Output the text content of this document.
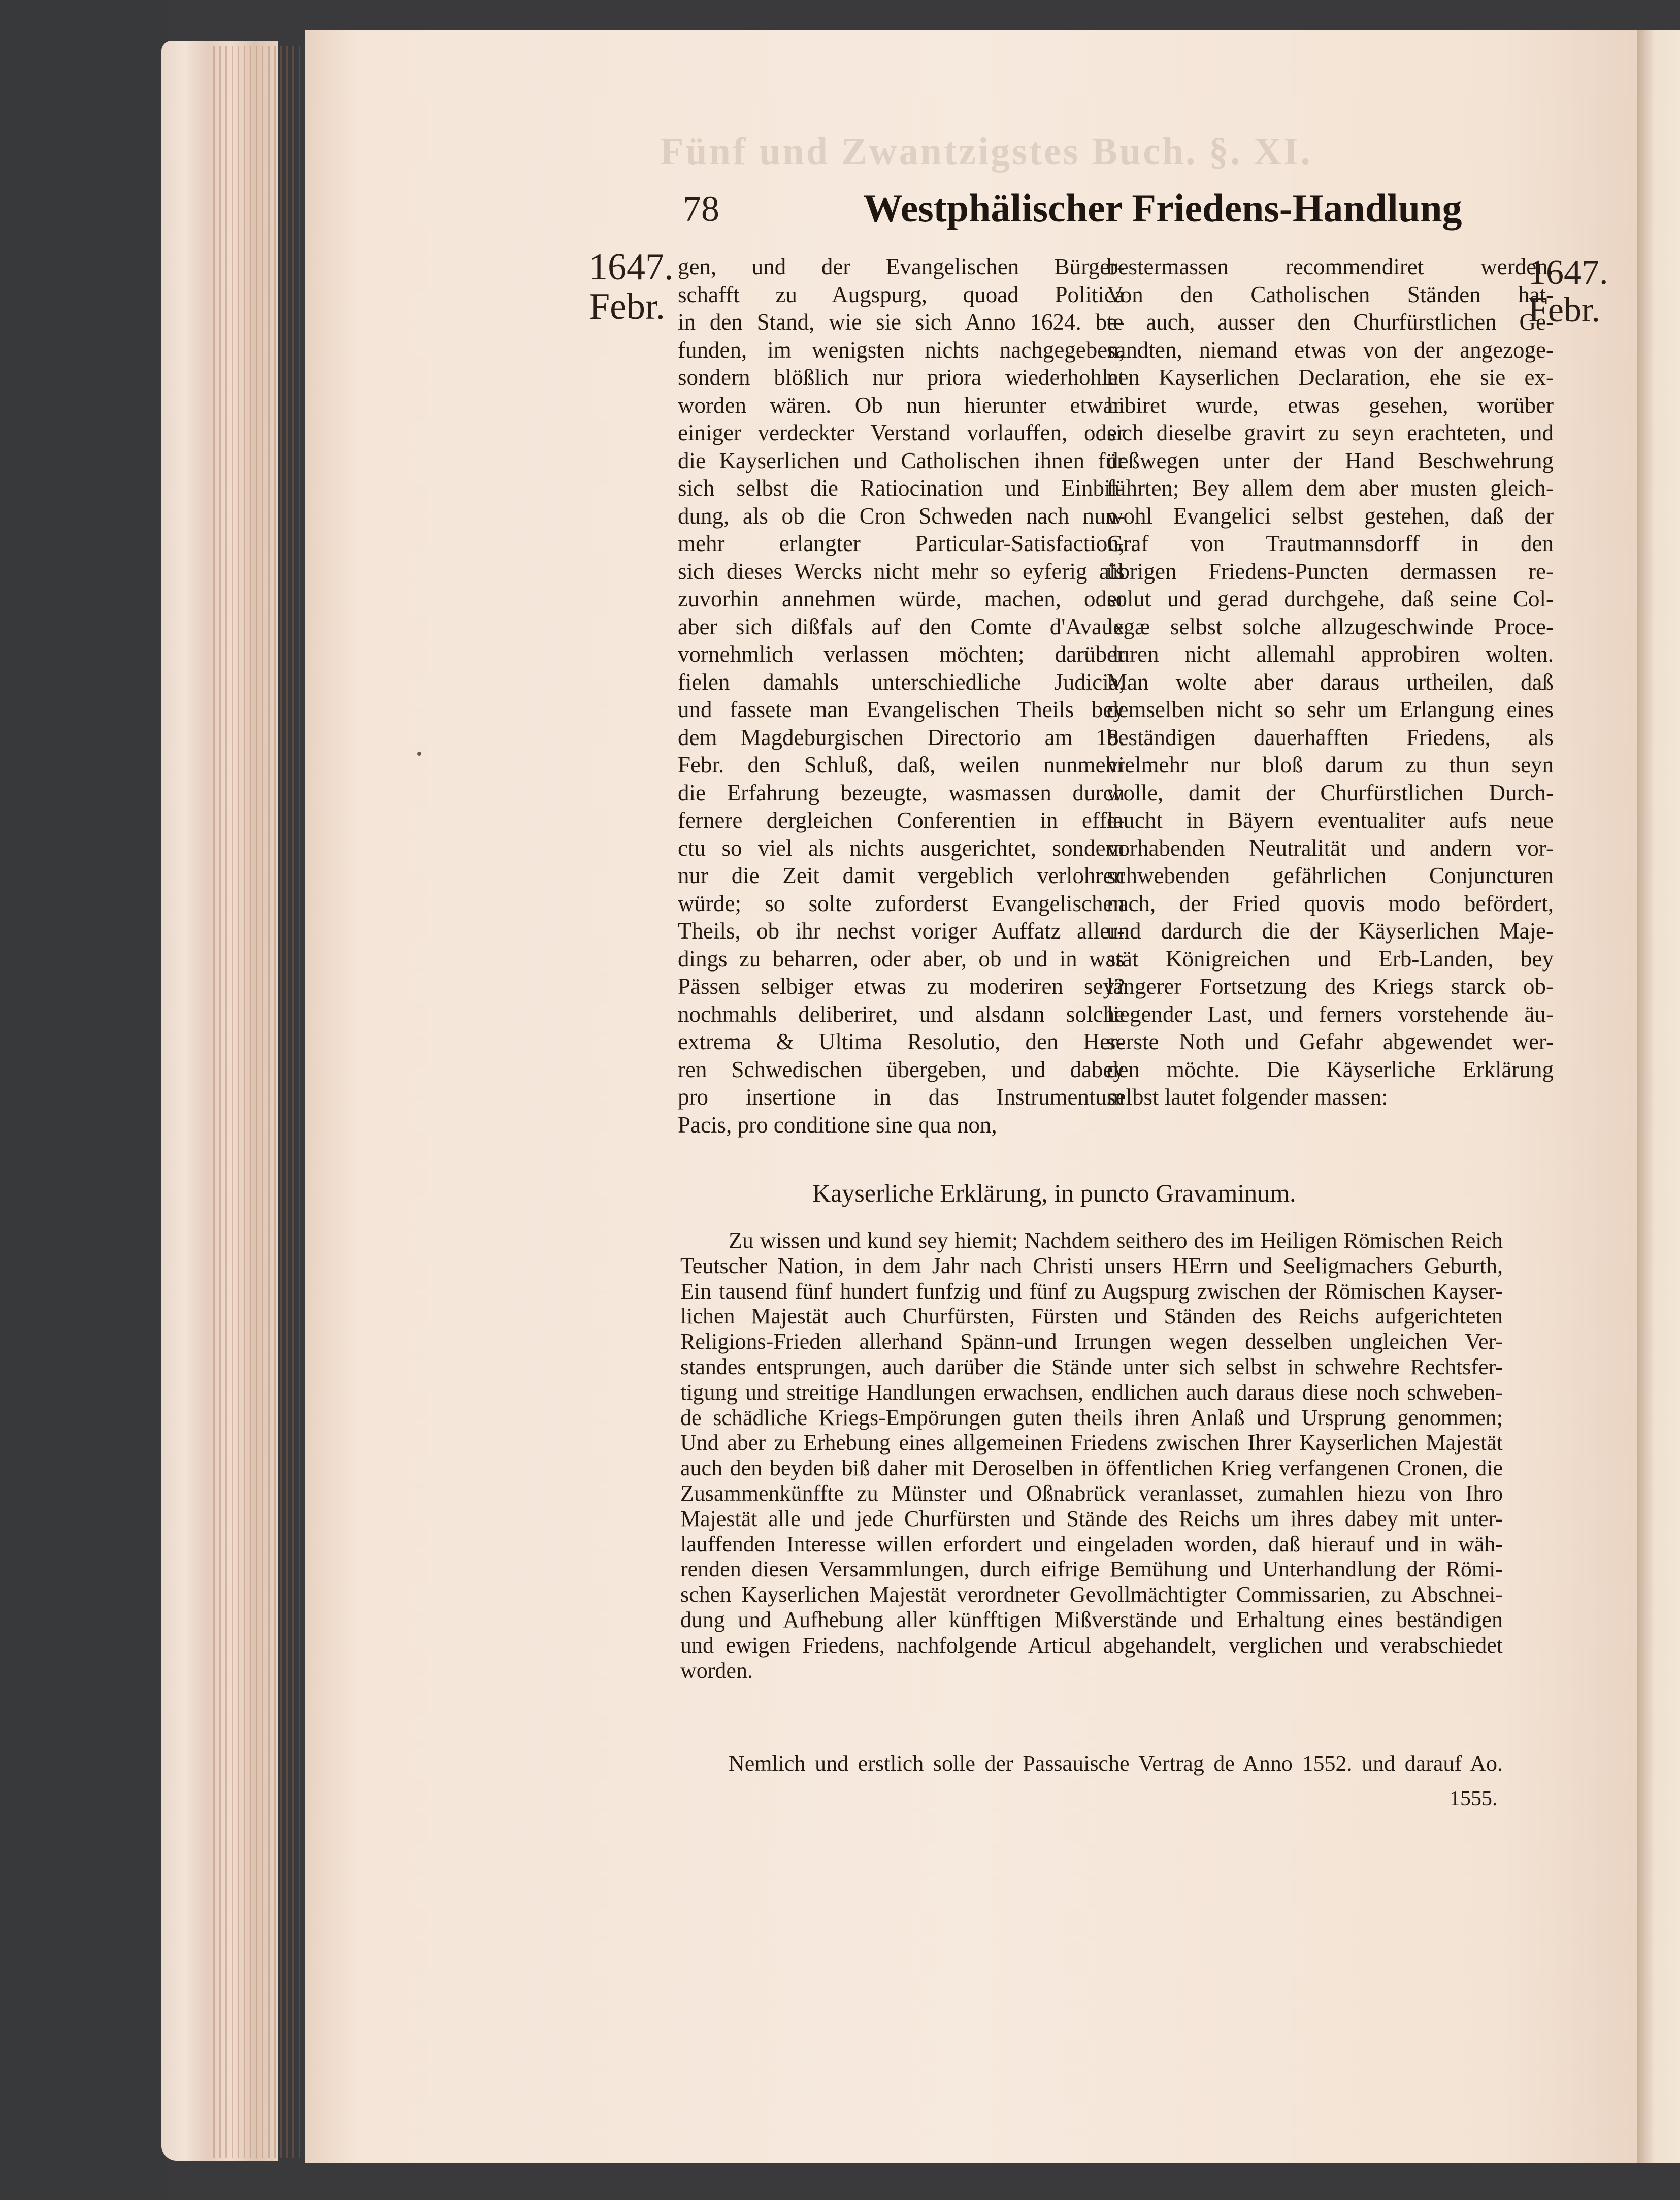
Fünf und Zwantzigstes Buch. §. XI.
78	Westphälischer Friedens-Handlung
1647.
Febr.
1647.
Febr.
gen, und der Evangelischen Bürger-
schafft zu Augspurg, quoad Politica
in den Stand, wie sie sich Anno 1624. be-
funden, im wenigsten nichts nachgegeben,
sondern blößlich nur priora wiederhohlet
worden wären. Ob nun hierunter etwan
einiger verdeckter Verstand vorlauffen, oder
die Kayserlichen und Catholischen ihnen für
sich selbst die Ratiocination und Einbil-
dung, als ob die Cron Schweden nach nun-
mehr erlangter Particular-Satisfaction,
sich dieses Wercks nicht mehr so eyferig als
zuvorhin annehmen würde, machen, oder
aber sich dißfals auf den Comte d'Avaux
vornehmlich verlassen möchten; darüber
fielen damahls unterschiedliche Judicia,
und fassete man Evangelischen Theils bey
dem Magdeburgischen Directorio am 18.
Febr. den Schluß, daß, weilen nunmehr
die Erfahrung bezeugte, wasmassen durch
fernere dergleichen Conferentien in effe-
ctu so viel als nichts ausgerichtet, sondern
nur die Zeit damit vergeblich verlohren
würde; so solte zuforderst Evangelischen
Theils, ob ihr nechst voriger Auffatz aller-
dings zu beharren, oder aber, ob und in was
Pässen selbiger etwas zu moderiren sey?
nochmahls deliberiret, und alsdann solche
extrema & Ultima Resolutio, den Her-
ren Schwedischen übergeben, und dabey
pro insertione in das Instrumentum
Pacis, pro conditione sine qua non,
bestermassen recommendiret werden.
Von den Catholischen Ständen hat-
te auch, ausser den Churfürstlichen Ge-
sandten, niemand etwas von der angezoge-
nen Kayserlichen Declaration, ehe sie ex-
hibiret wurde, etwas gesehen, worüber
sich dieselbe gravirt zu seyn erachteten, und
deßwegen unter der Hand Beschwehrung
führten; Bey allem dem aber musten gleich-
wohl Evangelici selbst gestehen, daß der
Graf von Trautmannsdorff in den
übrigen Friedens-Puncten dermassen re-
solut und gerad durchgehe, daß seine Col-
legæ selbst solche allzugeschwinde Proce-
duren nicht allemahl approbiren wolten.
Man wolte aber daraus urtheilen, daß
demselben nicht so sehr um Erlangung eines
beständigen dauerhafften Friedens, als
vielmehr nur bloß darum zu thun seyn
wolle, damit der Churfürstlichen Durch-
laucht in Bäyern eventualiter aufs neue
vorhabenden Neutralität und andern vor-
schwebenden gefährlichen Conjuncturen
nach, der Fried quovis modo befördert,
und dardurch die der Käyserlichen Maje-
stät Königreichen und Erb-Landen, bey
längerer Fortsetzung des Kriegs starck ob-
liegender Last, und ferners vorstehende äu-
serste Noth und Gefahr abgewendet wer-
den möchte. Die Käyserliche Erklärung
selbst lautet folgender massen:
Kayserliche Erklärung, in puncto Gravaminum.
Zu wissen und kund sey hiemit; Nachdem seithero des im Heiligen Römischen Reich
Teutscher Nation, in dem Jahr nach Christi unsers HErrn und Seeligmachers Geburth,
Ein tausend fünf hundert funfzig und fünf zu Augspurg zwischen der Römischen Kayser-
lichen Majestät auch Churfürsten, Fürsten und Ständen des Reichs aufgerichteten
Religions-Frieden allerhand Spänn-und Irrungen wegen desselben ungleichen Ver-
standes entsprungen, auch darüber die Stände unter sich selbst in schwehre Rechtsfer-
tigung und streitige Handlungen erwachsen, endlichen auch daraus diese noch schweben-
de schädliche Kriegs-Empörungen guten theils ihren Anlaß und Ursprung genommen;
Und aber zu Erhebung eines allgemeinen Friedens zwischen Ihrer Kayserlichen Majestät
auch den beyden biß daher mit Deroselben in öffentlichen Krieg verfangenen Cronen, die
Zusammenkünffte zu Münster und Oßnabrück veranlasset, zumahlen hiezu von Ihro
Majestät alle und jede Churfürsten und Stände des Reichs um ihres dabey mit unter-
lauffenden Interesse willen erfordert und eingeladen worden, daß hierauf und in wäh-
renden diesen Versammlungen, durch eifrige Bemühung und Unterhandlung der Römi-
schen Kayserlichen Majestät verordneter Gevollmächtigter Commissarien, zu Abschnei-
dung und Aufhebung aller künfftigen Mißverstände und Erhaltung eines beständigen
und ewigen Friedens, nachfolgende Articul abgehandelt, verglichen und verabschiedet
worden.
Nemlich und erstlich solle der Passauische Vertrag de Anno 1552. und darauf Ao.
1555.
